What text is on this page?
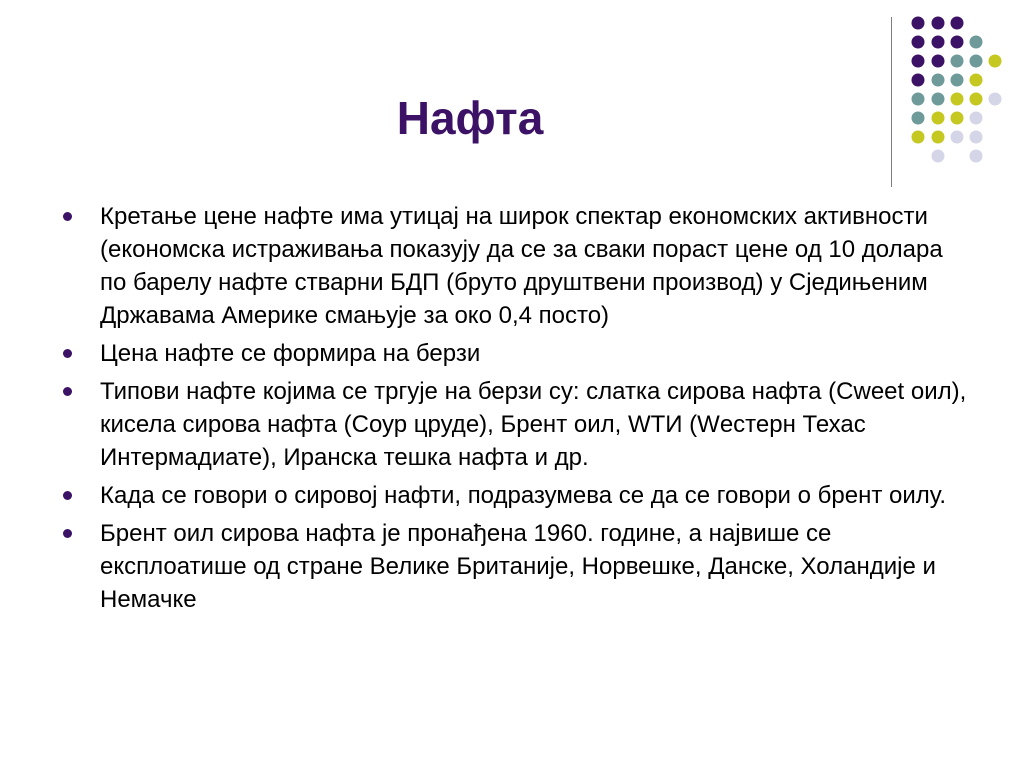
Нафта
Кретање цене нафте има утицај на широк спектар економских активности (економска истраживања показују да се за сваки пораст цене од 10 долара по барелу нафте стварни БДП (бруто друштвени производ) у Сједињеним Државама Америке смањује за око 0,4 посто)
Цена нафте се формира на берзи
Типови нафте којима се тргује на берзи су: слатка сирова нафта (Сweet оил), кисела сирова нафта (Соур цруде), Брент оил, WТИ (Wестерн Техас Интермадиате), Иранска тешка нафта и др.
Када се говори о сировој нафти, подразумева се да се говори о брент оилу.
Брент оил сирова нафта је пронађена 1960. године, а највише се експлоатише од стране Велике Британије, Норвешке, Данске, Холандије и Немачке
